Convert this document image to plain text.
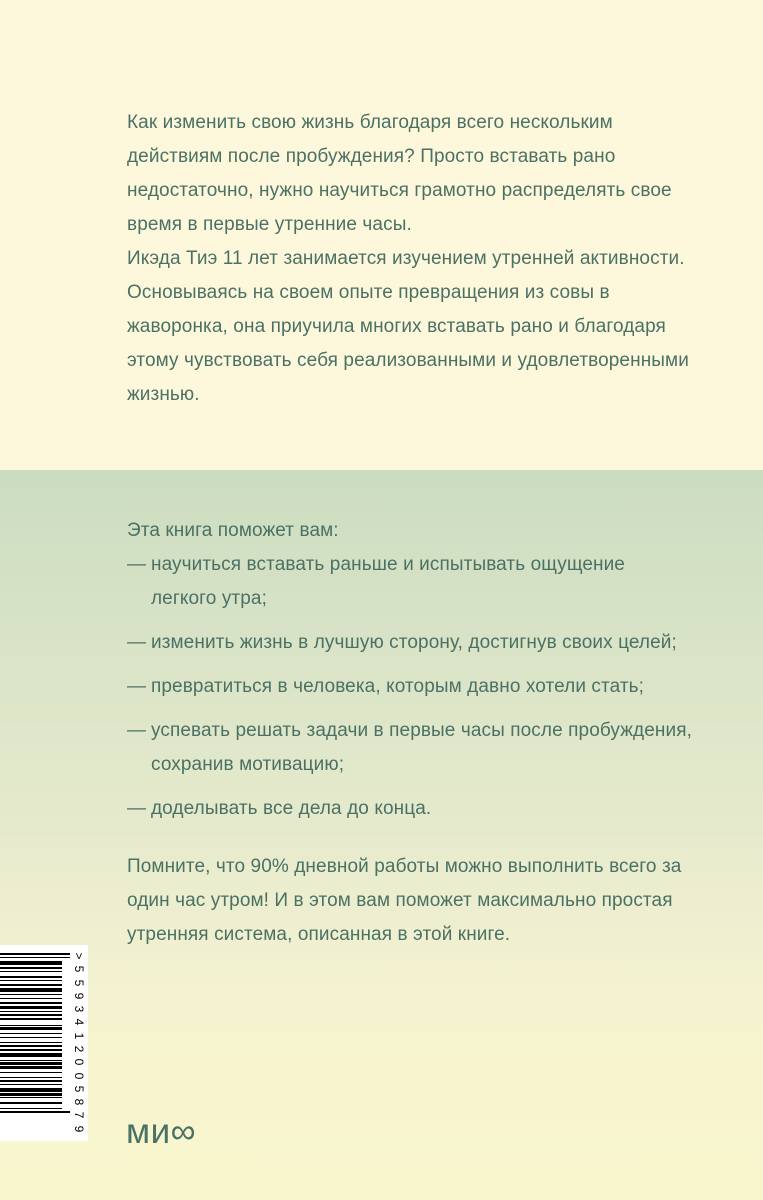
Как изменить свою жизнь благодаря всего нескольким действиям после пробуждения? Просто вставать рано недостаточно, нужно научиться грамотно распределять свое время в первые утренние часы.

Икэда Тиэ 11 лет занимается изучением утренней активности. Основываясь на своем опыте превращения из совы в жаворонка, она приучила многих вставать рано и благодаря этому чувствовать себя реализованными и удовлетворенными жизнью.

Эта книга поможет вам:

— научиться вставать раньше и испытывать ощущение легкого утра;
— изменить жизнь в лучшую сторону, достигнув своих целей;
— превратиться в человека, которым давно хотели стать;
— успевать решать задачи в первые часы после пробуждения, сохранив мотивацию;
— доделывать все дела до конца.

Помните, что 90% дневной работы можно выполнить всего за один час утром! И в этом вам поможет максимально простая утренняя система, описанная в этой книге.

ми∞
9
7
8
5
0
0
2
1
4
3
9
5
5
>
